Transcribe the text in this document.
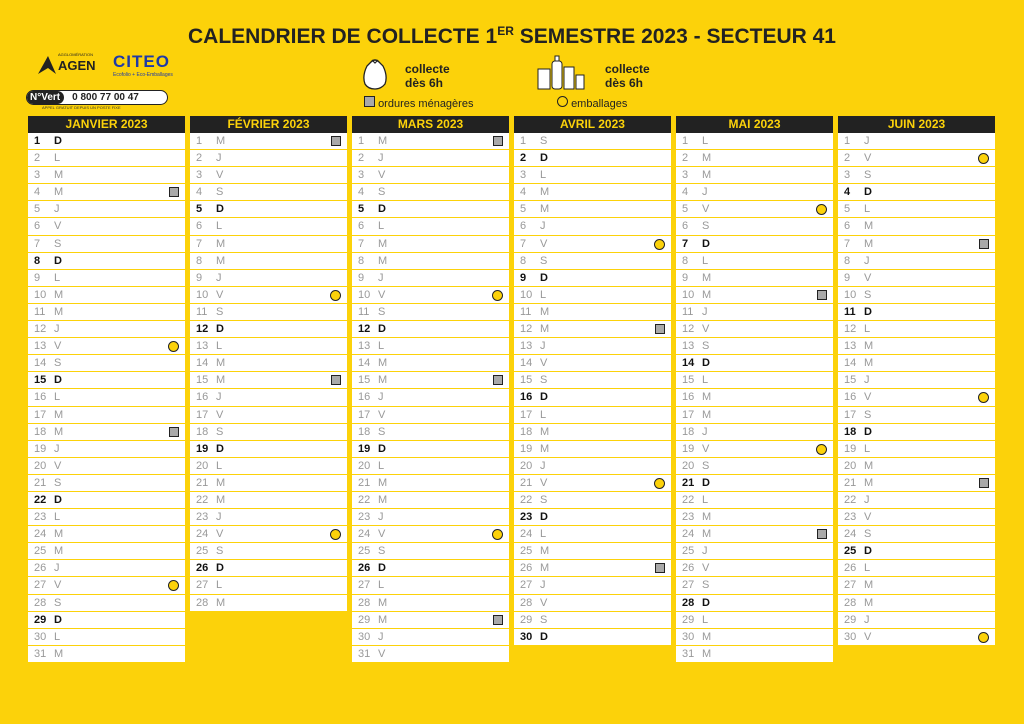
CALENDRIER DE COLLECTE 1ER SEMESTRE 2023 - SECTEUR 41
AGGLOMÉRATION
AGEN CITEO
Ecofolio + Eco-Emballages
N°Vert 0 800 77 00 47
APPEL GRATUIT DEPUIS UN POSTE FIXE
collecte
dès 6h
ordures ménagères
collecte
dès 6h
emballages
JANVIER 2023
1 D
2 L
3 M
4 M
5 J
6 V
7 S
8 D
9 L
10 M
11 M
12 J
13 V
14 S
15 D
16 L
17 M
18 M
19 J
20 V
21 S
22 D
23 L
24 M
25 M
26 J
27 V
28 S
29 D
30 L
31 M
FÉVRIER 2023
1 M
2 J
3 V
4 S
5 D
6 L
7 M
8 M
9 J
10 V
11 S
12 D
13 L
14 M
15 M
16 J
17 V
18 S
19 D
20 L
21 M
22 M
23 J
24 V
25 S
26 D
27 L
28 M
MARS 2023
1 M
2 J
3 V
4 S
5 D
6 L
7 M
8 M
9 J
10 V
11 S
12 D
13 L
14 M
15 M
16 J
17 V
18 S
19 D
20 L
21 M
22 M
23 J
24 V
25 S
26 D
27 L
28 M
29 M
30 J
31 V
AVRIL 2023
1 S
2 D
3 L
4 M
5 M
6 J
7 V
8 S
9 D
10 L
11 M
12 M
13 J
14 V
15 S
16 D
17 L
18 M
19 M
20 J
21 V
22 S
23 D
24 L
25 M
26 M
27 J
28 V
29 S
30 D
MAI 2023
1 L
2 M
3 M
4 J
5 V
6 S
7 D
8 L
9 M
10 M
11 J
12 V
13 S
14 D
15 L
16 M
17 M
18 J
19 V
20 S
21 D
22 L
23 M
24 M
25 J
26 V
27 S
28 D
29 L
30 M
31 M
JUIN 2023
1 J
2 V
3 S
4 D
5 L
6 M
7 M
8 J
9 V
10 S
11 D
12 L
13 M
14 M
15 J
16 V
17 S
18 D
19 L
20 M
21 M
22 J
23 V
24 S
25 D
26 L
27 M
28 M
29 J
30 V
